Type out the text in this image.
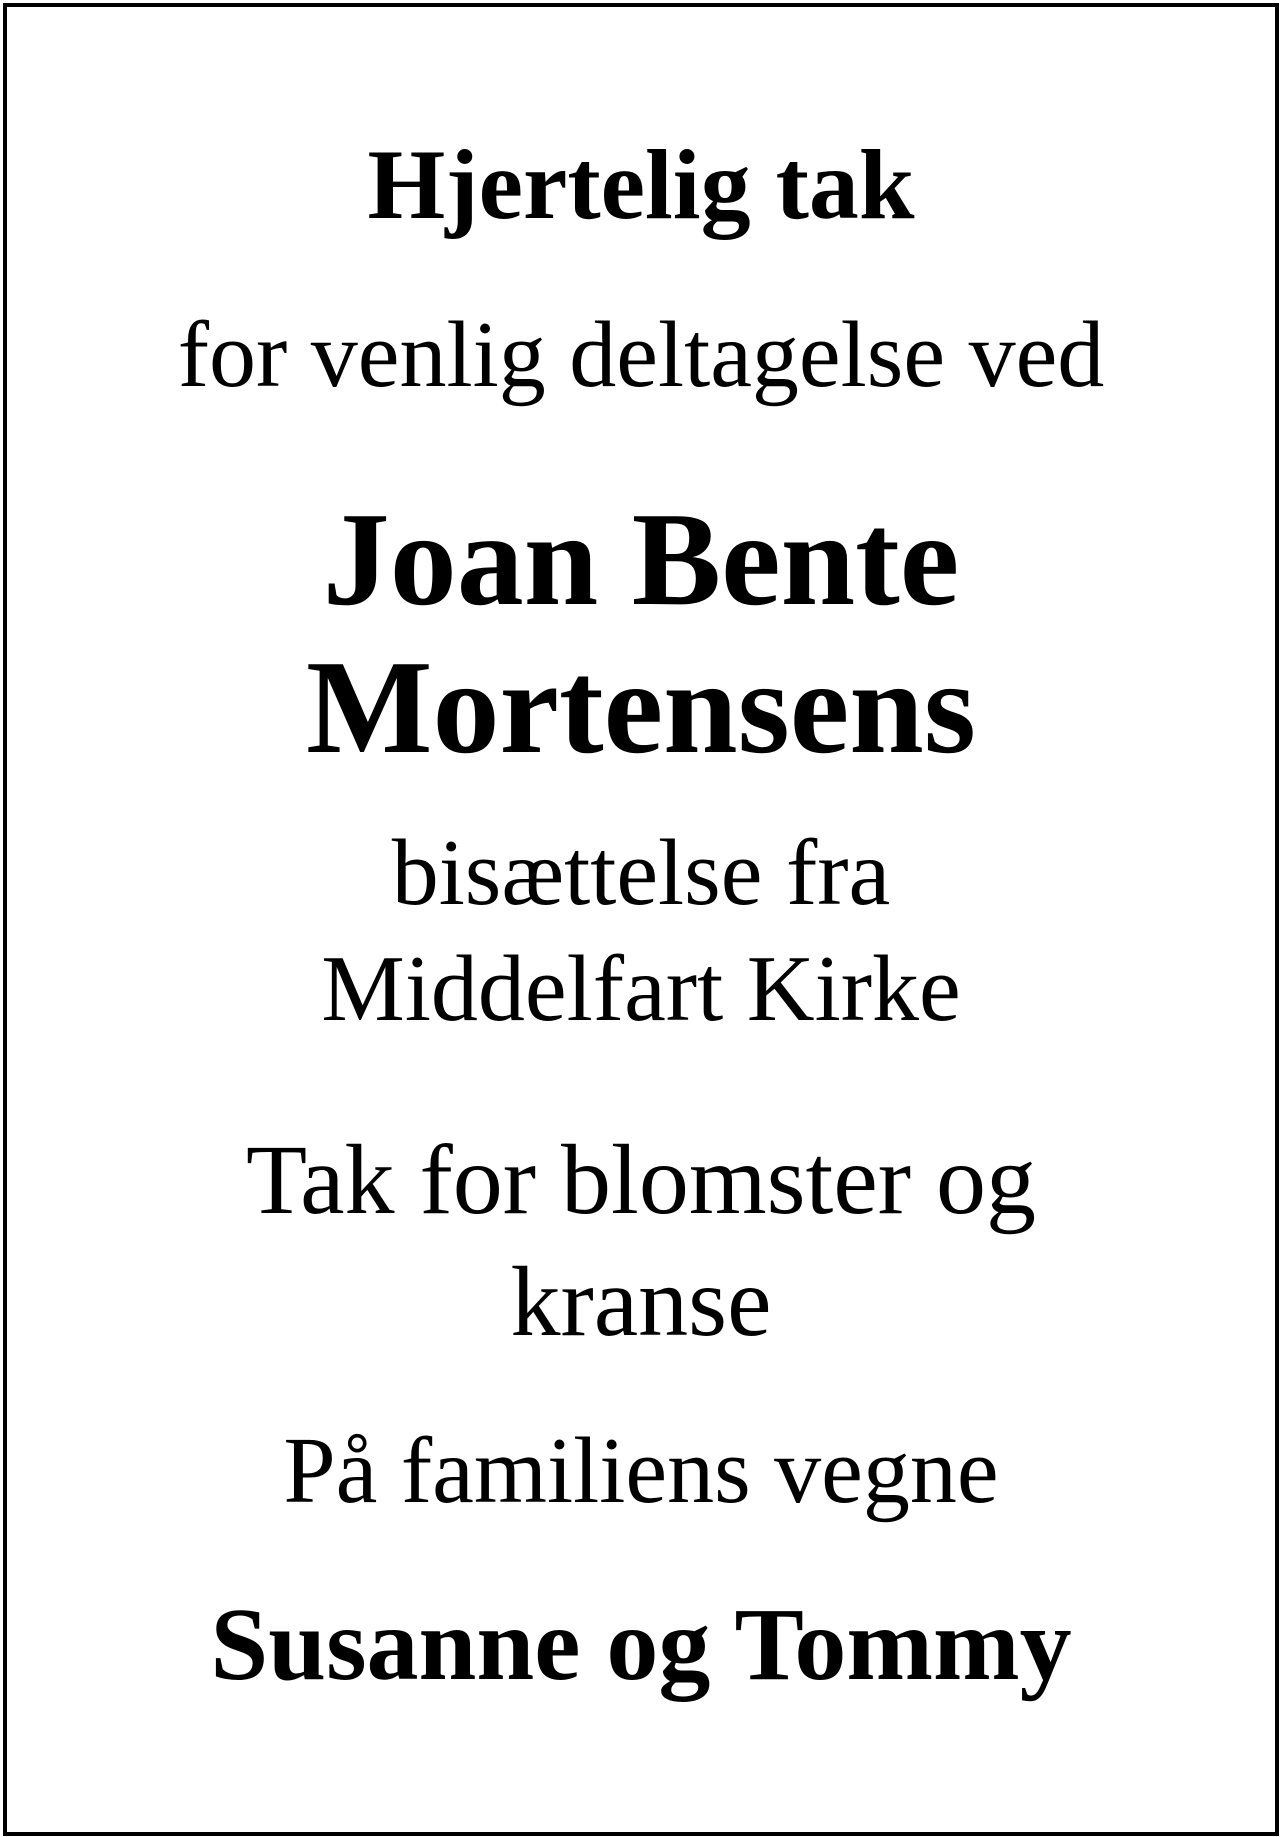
Hjertelig tak
for venlig deltagelse ved
Joan Bente
Mortensens
bisættelse fra
Middelfart Kirke
Tak for blomster og
kranse
På familiens vegne
Susanne og Tommy
